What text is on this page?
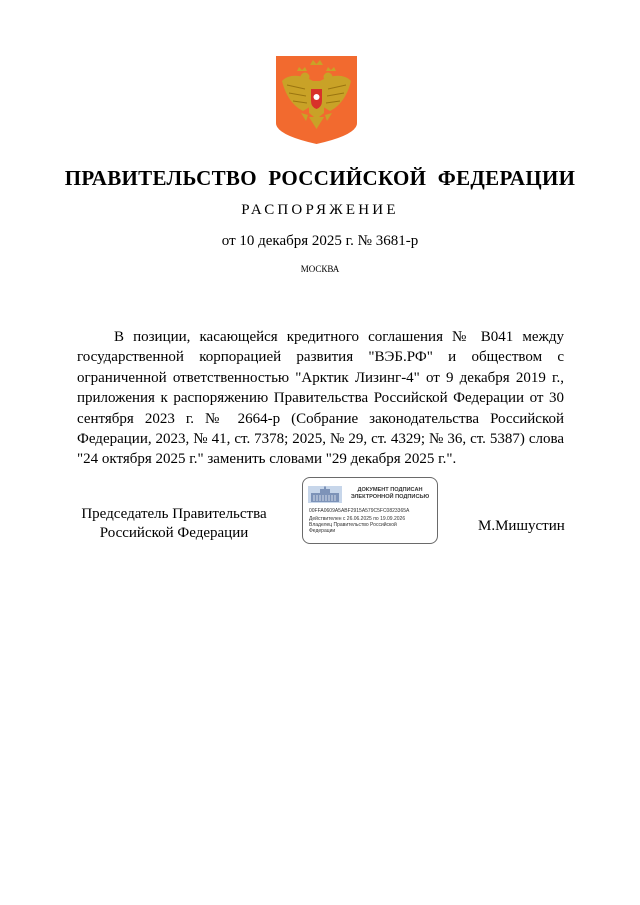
ПРАВИТЕЛЬСТВО РОССИЙСКОЙ ФЕДЕРАЦИИ
РАСПОРЯЖЕНИЕ
от 10 декабря 2025 г. № 3681-р
МОСКВА

В позиции, касающейся кредитного соглашения № В041 между государственной корпорацией развития "ВЭБ.РФ" и обществом с ограниченной ответственностью "Арктик Лизинг-4" от 9 декабря 2019 г., приложения к распоряжению Правительства Российской Федерации от 30 сентября 2023 г. № 2664-р (Собрание законодательства Российской Федерации, 2023, № 41, ст. 7378; 2025, № 29, ст. 4329; № 36, ст. 5387) слова "24 октября 2025 г." заменить словами "29 декабря 2025 г.".

Председатель Правительства
Российской Федерации
ДОКУМЕНТ ПОДПИСАН ЭЛЕКТРОННОЙ ПОДПИСЬЮ
00FFA0609A5ABF2915A579C5FC0823365A
Действителен с 26.06.2025 по 19.09.2026
Владелец Правительство Российской Федерации	М.Мишустин
